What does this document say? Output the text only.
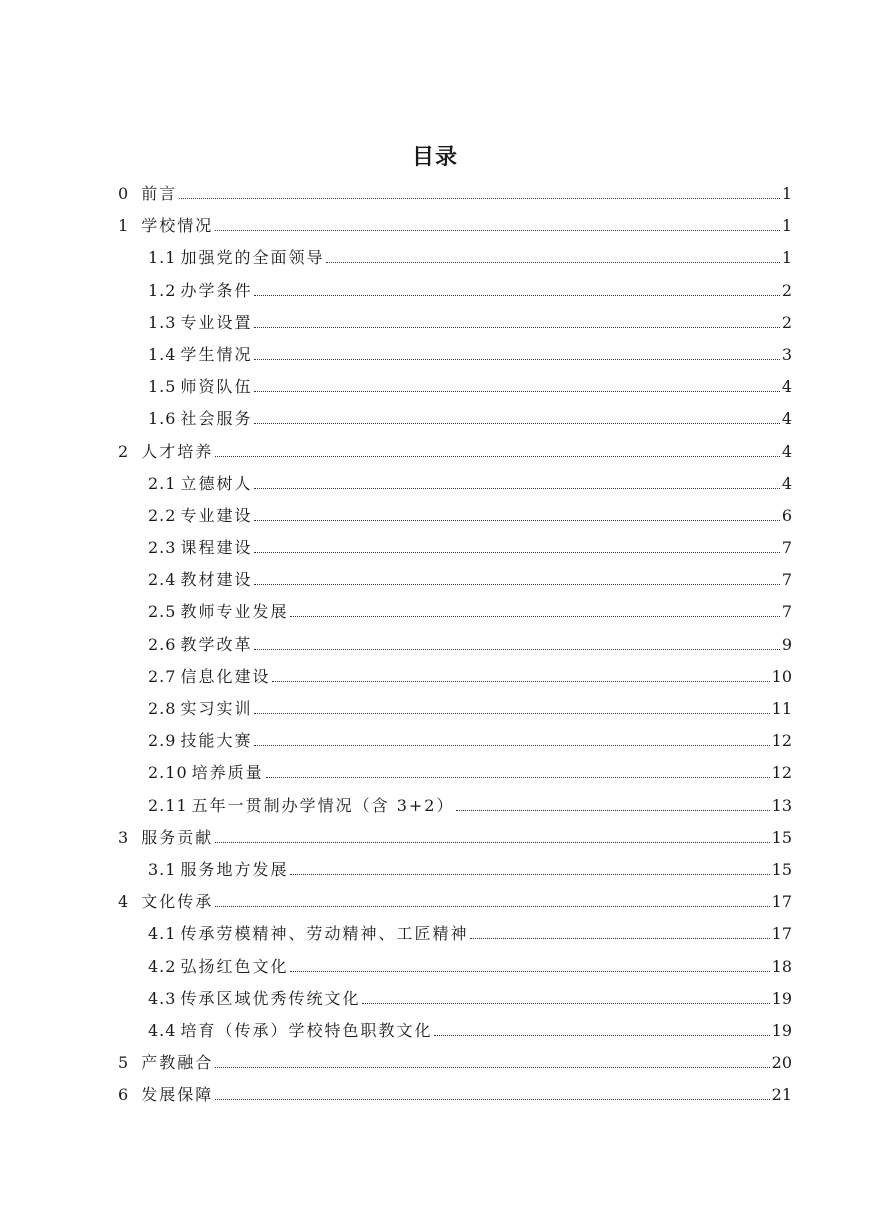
目录
0 前言	1
1 学校情况	1
1.1 加强党的全面领导	1
1.2 办学条件	2
1.3 专业设置	2
1.4 学生情况	3
1.5 师资队伍	4
1.6 社会服务	4
2 人才培养	4
2.1 立德树人	4
2.2 专业建设	6
2.3 课程建设	7
2.4 教材建设	7
2.5 教师专业发展	7
2.6 教学改革	9
2.7 信息化建设	10
2.8 实习实训	11
2.9 技能大赛	12
2.10 培养质量	12
2.11 五年一贯制办学情况（含 3+2）	13
3 服务贡献	15
3.1 服务地方发展	15
4 文化传承	17
4.1 传承劳模精神、劳动精神、工匠精神	17
4.2 弘扬红色文化	18
4.3 传承区域优秀传统文化	19
4.4 培育（传承）学校特色职教文化	19
5 产教融合	20
6 发展保障	21
